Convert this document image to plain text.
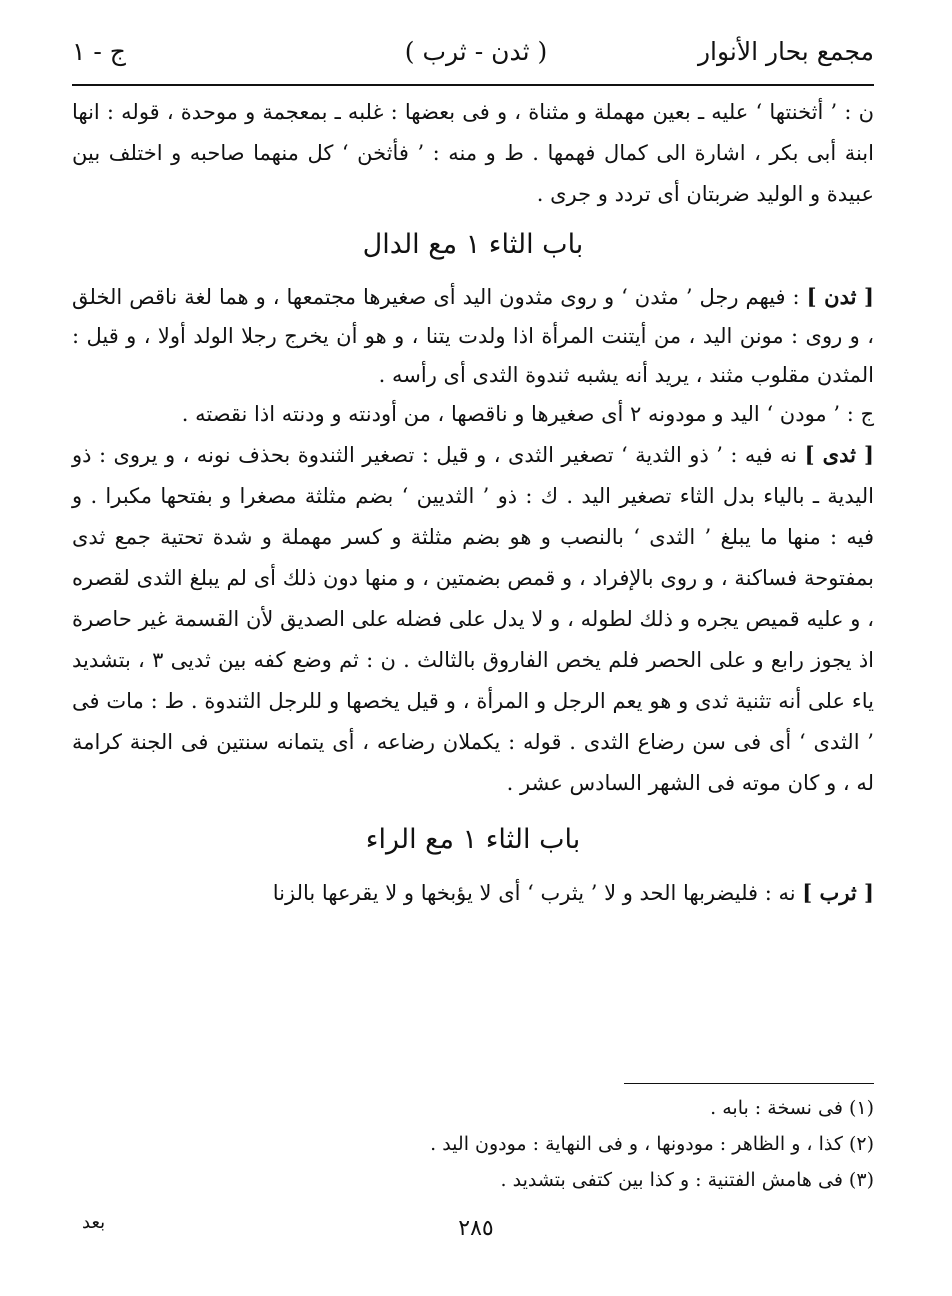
مجمع بحار الأنوار
( ثدن - ثرب )
ج - ١

ن : ’ أثخنتها ‘ عليه ـ بعين مهملة و مثناة ، و فى بعضها : غلبه ـ بمعجمة و موحدة ، قوله : انها ابنة أبى بكر ، اشارة الى كمال فهمها . ط و منه : ’ فأثخن ‘ كل منهما صاحبه و اختلف بين عبيدة و الوليد ضربتان أى تردد و جرى .

باب الثاء ١ مع الدال

[ ثدن ] : فيهم رجل ’ مثدن ‘ و روى مثدون اليد أى صغيرها مجتمعها ، و هما لغة ناقص الخلق ، و روى : مونن اليد ، من أيتنت المرأة اذا ولدت يتنا ، و هو أن يخرج رجلا الولد أولا ، و قيل : المثدن مقلوب مثند ، يريد أنه يشبه ثندوة الثدى أى رأسه .

ج : ’ مودن ‘ اليد و مودونه ٢ أى صغيرها و ناقصها ، من أودنته و ودنته اذا نقصته .

[ ثدى ] نه فيه : ’ ذو الثدية ‘ تصغير الثدى ، و قيل : تصغير الثندوة بحذف نونه ، و يروى : ذو اليدية ـ بالياء بدل الثاء تصغير اليد . ك : ذو ’ الثديين ‘ بضم مثلثة مصغرا و بفتحها مكبرا . و فيه : منها ما يبلغ ’ الثدى ‘ بالنصب و هو بضم مثلثة و كسر مهملة و شدة تحتية جمع ثدى بمفتوحة فساكنة ، و روى بالإفراد ، و قمص بضمتين ، و منها دون ذلك أى لم يبلغ الثدى لقصره ، و عليه قميص يجره و ذلك لطوله ، و لا يدل على فضله على الصديق لأن القسمة غير حاصرة اذ يجوز رابع و على الحصر فلم يخص الفاروق بالثالث . ن : ثم وضع كفه بين ثديى ٣ ، بتشديد ياء على أنه تثنية ثدى و هو يعم الرجل و المرأة ، و قيل يخصها و للرجل الثندوة . ط : مات فى ’ الثدى ‘ أى فى سن رضاع الثدى . قوله : يكملان رضاعه ، أى يتمانه سنتين فى الجنة كرامة له ، و كان موته فى الشهر السادس عشر .

باب الثاء ١ مع الراء

[ ثرب ] نه : فليضربها الحد و لا ’ يثرب ‘ أى لا يؤبخها و لا يقرعها بالزنا

(١) فى نسخة : بابه .

(٢) كذا ، و الظاهر : مودونها ، و فى النهاية : مودون اليد .

(٣) فى هامش الفتنية : و كذا بين كتفى بتشديد .

٢٨٥
بعد
